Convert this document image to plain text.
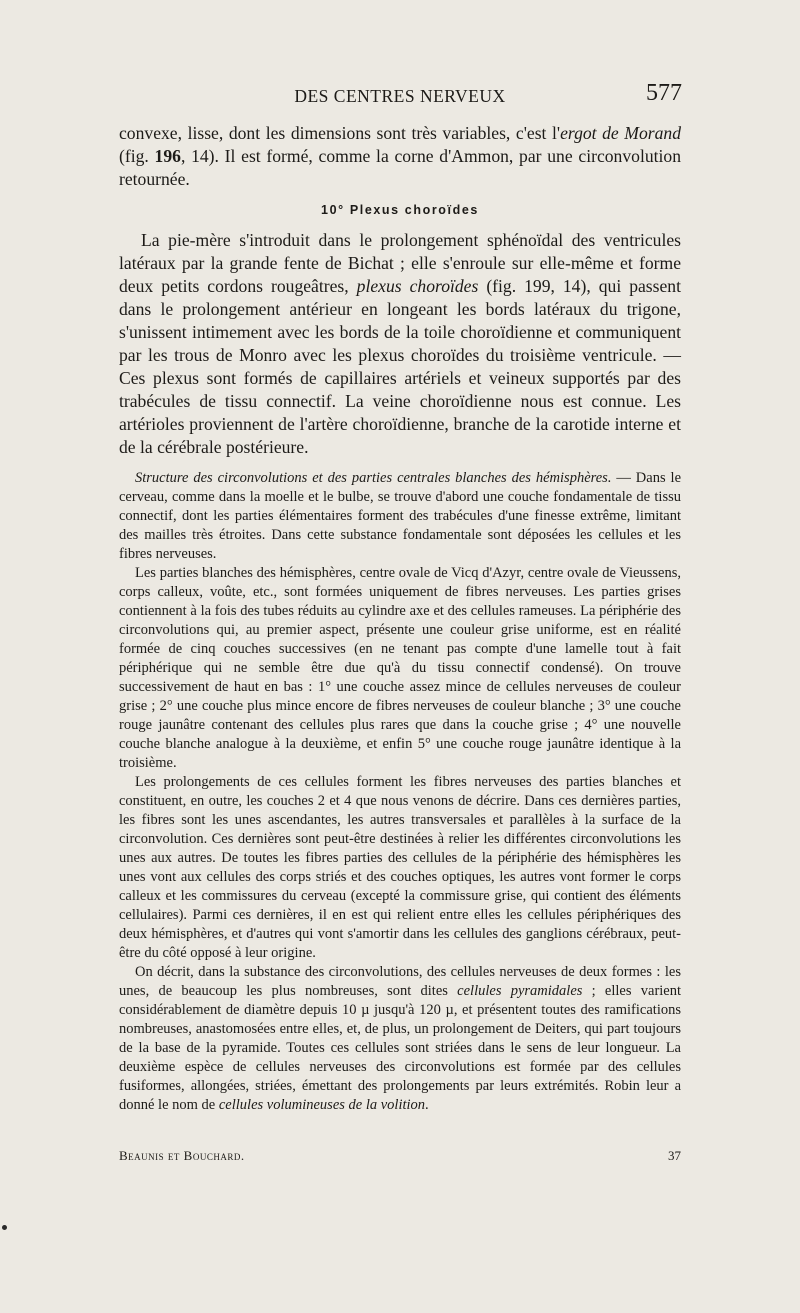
DES CENTRES NERVEUX	577

convexe, lisse, dont les dimensions sont très variables, c'est l'ergot de Morand (fig. 196, 14). Il est formé, comme la corne d'Ammon, par une circonvolution retournée.

10° Plexus choroïdes

La pie-mère s'introduit dans le prolongement sphénoïdal des ventricules latéraux par la grande fente de Bichat ; elle s'enroule sur elle-même et forme deux petits cordons rougeâtres, plexus choroïdes (fig. 199, 14), qui passent dans le prolongement antérieur en longeant les bords latéraux du trigone, s'unissent intimement avec les bords de la toile choroïdienne et communiquent par les trous de Monro avec les plexus choroïdes du troisième ventricule. — Ces plexus sont formés de capillaires artériels et veineux supportés par des trabécules de tissu connectif. La veine choroïdienne nous est connue. Les artérioles proviennent de l'artère choroïdienne, branche de la carotide interne et de la cérébrale postérieure.

Structure des circonvolutions et des parties centrales blanches des hémisphères. — Dans le cerveau, comme dans la moelle et le bulbe, se trouve d'abord une couche fondamentale de tissu connectif, dont les parties élémentaires forment des trabécules d'une finesse extrême, limitant des mailles très étroites. Dans cette substance fondamentale sont déposées les cellules et les fibres nerveuses.

Les parties blanches des hémisphères, centre ovale de Vicq d'Azyr, centre ovale de Vieussens, corps calleux, voûte, etc., sont formées uniquement de fibres nerveuses. Les parties grises contiennent à la fois des tubes réduits au cylindre axe et des cellules rameuses. La périphérie des circonvolutions qui, au premier aspect, présente une couleur grise uniforme, est en réalité formée de cinq couches successives (en ne tenant pas compte d'une lamelle tout à fait périphérique qui ne semble être due qu'à du tissu connectif condensé). On trouve successivement de haut en bas : 1° une couche assez mince de cellules nerveuses de couleur grise ; 2° une couche plus mince encore de fibres nerveuses de couleur blanche ; 3° une couche rouge jaunâtre contenant des cellules plus rares que dans la couche grise ; 4° une nouvelle couche blanche analogue à la deuxième, et enfin 5° une couche rouge jaunâtre identique à la troisième.

Les prolongements de ces cellules forment les fibres nerveuses des parties blanches et constituent, en outre, les couches 2 et 4 que nous venons de décrire. Dans ces dernières parties, les fibres sont les unes ascendantes, les autres transversales et parallèles à la surface de la circonvolution. Ces dernières sont peut-être destinées à relier les différentes circonvolutions les unes aux autres. De toutes les fibres parties des cellules de la périphérie des hémisphères les unes vont aux cellules des corps striés et des couches optiques, les autres vont former le corps calleux et les commissures du cerveau (excepté la commissure grise, qui contient des éléments cellulaires). Parmi ces dernières, il en est qui relient entre elles les cellules périphériques des deux hémisphères, et d'autres qui vont s'amortir dans les cellules des ganglions cérébraux, peut-être du côté opposé à leur origine.

On décrit, dans la substance des circonvolutions, des cellules nerveuses de deux formes : les unes, de beaucoup les plus nombreuses, sont dites cellules pyramidales ; elles varient considérablement de diamètre depuis 10 µ jusqu'à 120 µ, et présentent toutes des ramifications nombreuses, anastomosées entre elles, et, de plus, un prolongement de Deiters, qui part toujours de la base de la pyramide. Toutes ces cellules sont striées dans le sens de leur longueur. La deuxième espèce de cellules nerveuses des circonvolutions est formée par des cellules fusiformes, allongées, striées, émettant des prolongements par leurs extrémités. Robin leur a donné le nom de cellules volumineuses de la volition.

Beaunis et Bouchard.	37
